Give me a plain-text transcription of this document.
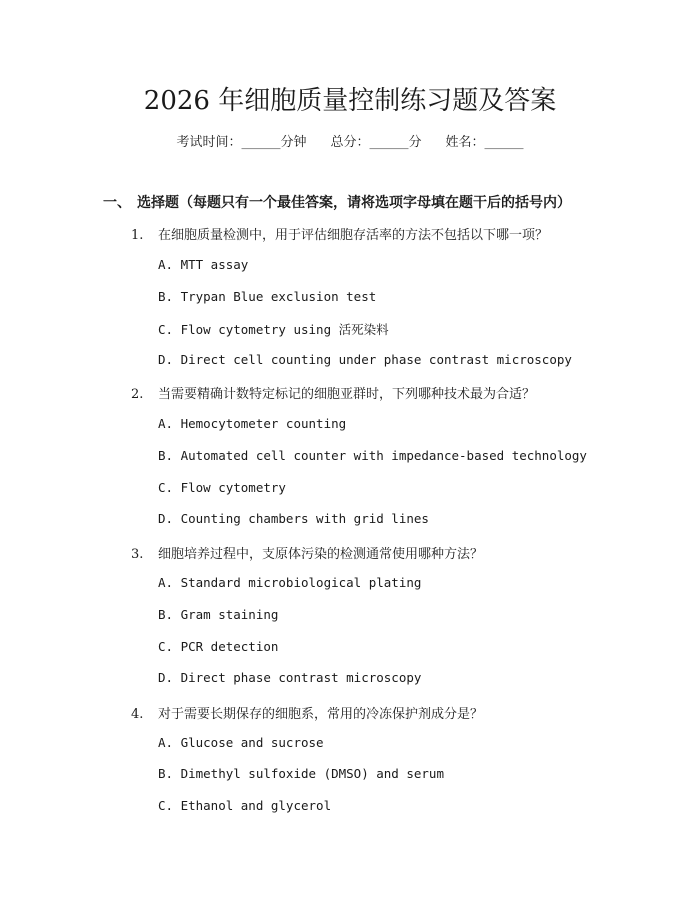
2026 年细胞质量控制练习题及答案
考试时间：______分钟 总分：______分 姓名：______
一、 选择题（每题只有一个最佳答案，请将选项字母填在题干后的括号内）
1. 在细胞质量检测中，用于评估细胞存活率的方法不包括以下哪一项？
A. MTT assay
B. Trypan Blue exclusion test
C. Flow cytometry using 活死染料
D. Direct cell counting under phase contrast microscopy
2. 当需要精确计数特定标记的细胞亚群时，下列哪种技术最为合适？
A. Hemocytometer counting
B. Automated cell counter with impedance-based technology
C. Flow cytometry
D. Counting chambers with grid lines
3. 细胞培养过程中，支原体污染的检测通常使用哪种方法？
A. Standard microbiological plating
B. Gram staining
C. PCR detection
D. Direct phase contrast microscopy
4. 对于需要长期保存的细胞系，常用的冷冻保护剂成分是？
A. Glucose and sucrose
B. Dimethyl sulfoxide (DMSO) and serum
C. Ethanol and glycerol
